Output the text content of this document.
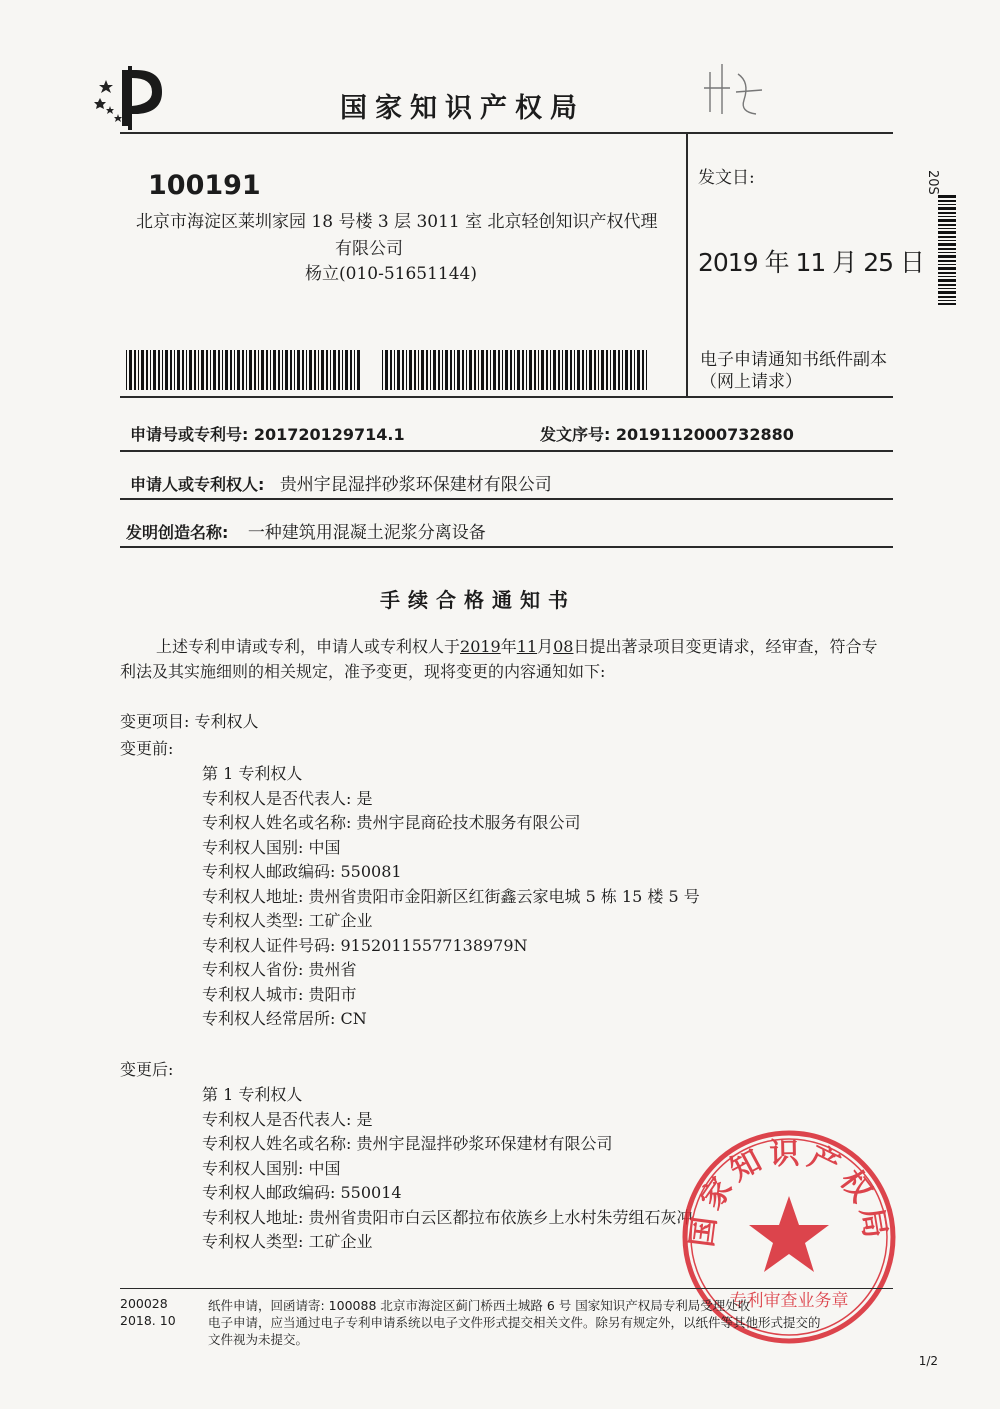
国家知识产权局
100191
北京市海淀区莱圳家园 18 号楼 3 层 3011 室 北京轻创知识产权代理
有限公司
杨立(010-51651144)
发文日:
2019 年 11 月 25 日
电子申请通知书纸件副本（网上请求）
20S
申请号或专利号: 201720129714.1	发文序号: 2019112000732880
申请人或专利权人: 贵州宇昆湿拌砂浆环保建材有限公司
发明创造名称: 一种建筑用混凝土泥浆分离设备
手续合格通知书
上述专利申请或专利，申请人或专利权人于2019年11月08日提出著录项目变更请求，经审查，符合专利法及其实施细则的相关规定，准予变更，现将变更的内容通知如下:
变更项目: 专利权人
变更前:
第 1 专利权人
专利权人是否代表人: 是
专利权人姓名或名称: 贵州宇昆商砼技术服务有限公司
专利权人国别: 中国
专利权人邮政编码: 550081
专利权人地址: 贵州省贵阳市金阳新区红街鑫云家电城 5 栋 15 楼 5 号
专利权人类型: 工矿企业
专利权人证件号码: 91520115577138979N
专利权人省份: 贵州省
专利权人城市: 贵阳市
专利权人经常居所: CN
变更后:
第 1 专利权人
专利权人是否代表人: 是
专利权人姓名或名称: 贵州宇昆湿拌砂浆环保建材有限公司
专利权人国别: 中国
专利权人邮政编码: 550014
专利权人地址: 贵州省贵阳市白云区都拉布依族乡上水村朱劳组石灰冲
专利权人类型: 工矿企业	国家知识产权局
专利审查业务章
200028
2018. 10
纸件申请，回函请寄: 100088 北京市海淀区蓟门桥西土城路 6 号 国家知识产权局专利局受理处收
电子申请，应当通过电子专利申请系统以电子文件形式提交相关文件。除另有规定外，以纸件等其他形式提交的
文件视为未提交。
1/2
